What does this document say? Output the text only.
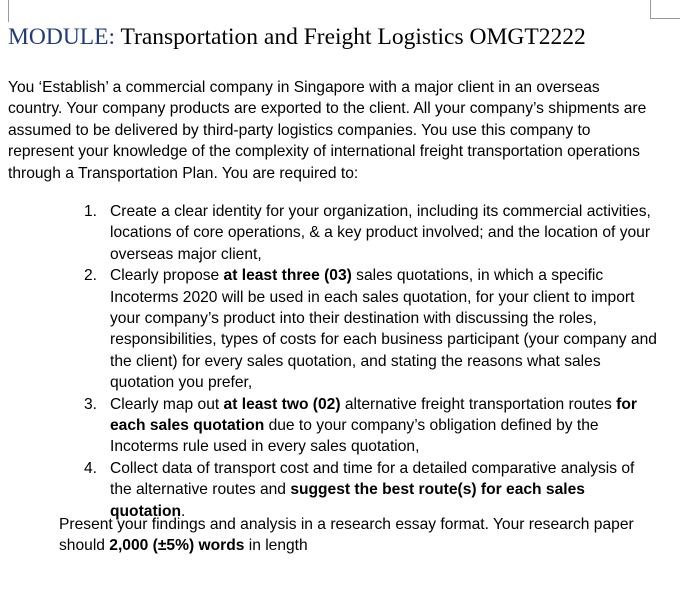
MODULE: Transportation and Freight Logistics OMGT2222

You ‘Establish’ a commercial company in Singapore with a major client in an overseas country. Your company products are exported to the client. All your company’s shipments are assumed to be delivered by third-party logistics companies. You use this company to represent your knowledge of the complexity of international freight transportation operations through a Transportation Plan. You are required to:

1. Create a clear identity for your organization, including its commercial activities, locations of core operations, & a key product involved; and the location of your overseas major client,
2. Clearly propose at least three (03) sales quotations, in which a specific Incoterms 2020 will be used in each sales quotation, for your client to import your company’s product into their destination with discussing the roles, responsibilities, types of costs for each business participant (your company and the client) for every sales quotation, and stating the reasons what sales quotation you prefer,
3. Clearly map out at least two (02) alternative freight transportation routes for each sales quotation due to your company’s obligation defined by the Incoterms rule used in every sales quotation,
4. Collect data of transport cost and time for a detailed comparative analysis of the alternative routes and suggest the best route(s) for each sales quotation.

Present your findings and analysis in a research essay format. Your research paper should 2,000 (±5%) words in length
